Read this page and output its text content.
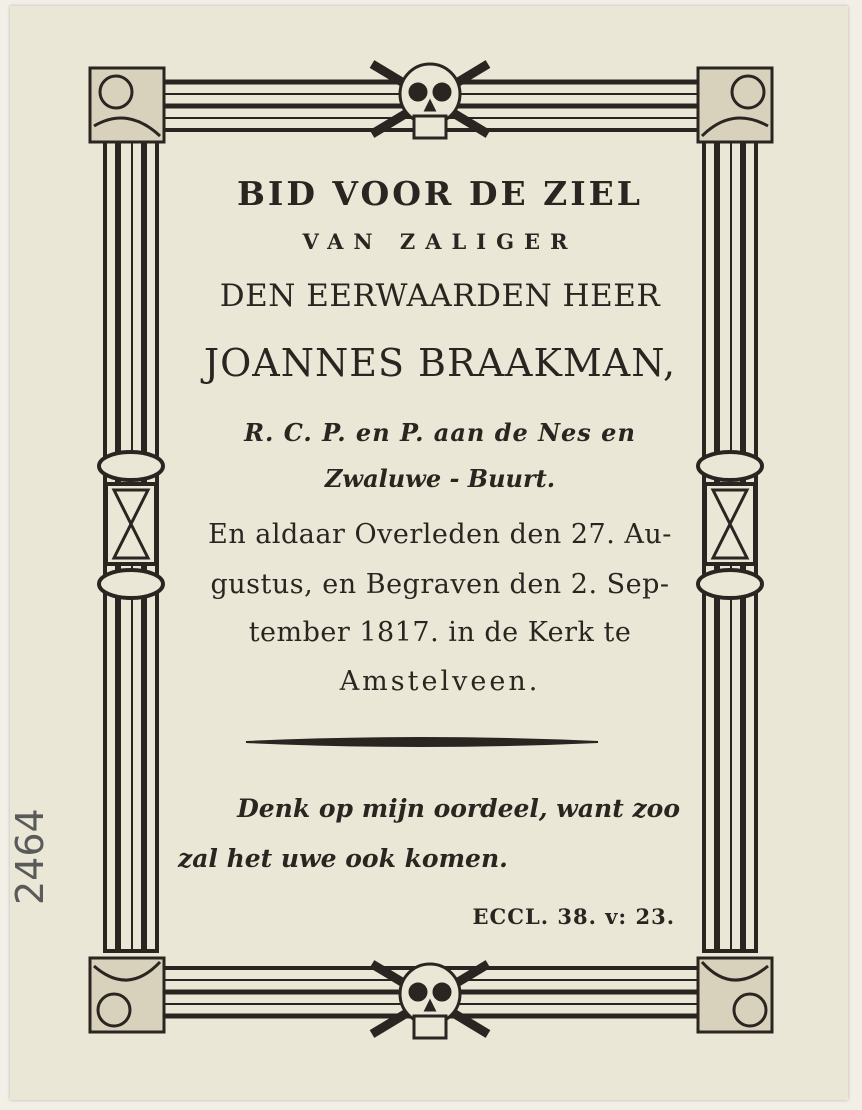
BID VOOR DE ZIEL
VAN ZALIGER
DEN EERWAARDEN HEER
JOANNES BRAAKMAN,
R. C. P. en P. aan de Nes en
Zwaluwe - Buurt.
En aldaar Overleden den 27. Au-
gustus, en Begraven den 2. Sep-
tember 1817. in de Kerk te
Amstelveen.
Denk op mijn oordeel, want zoo
zal het uwe ook komen.
ECCL. 38. v: 23.
2464
